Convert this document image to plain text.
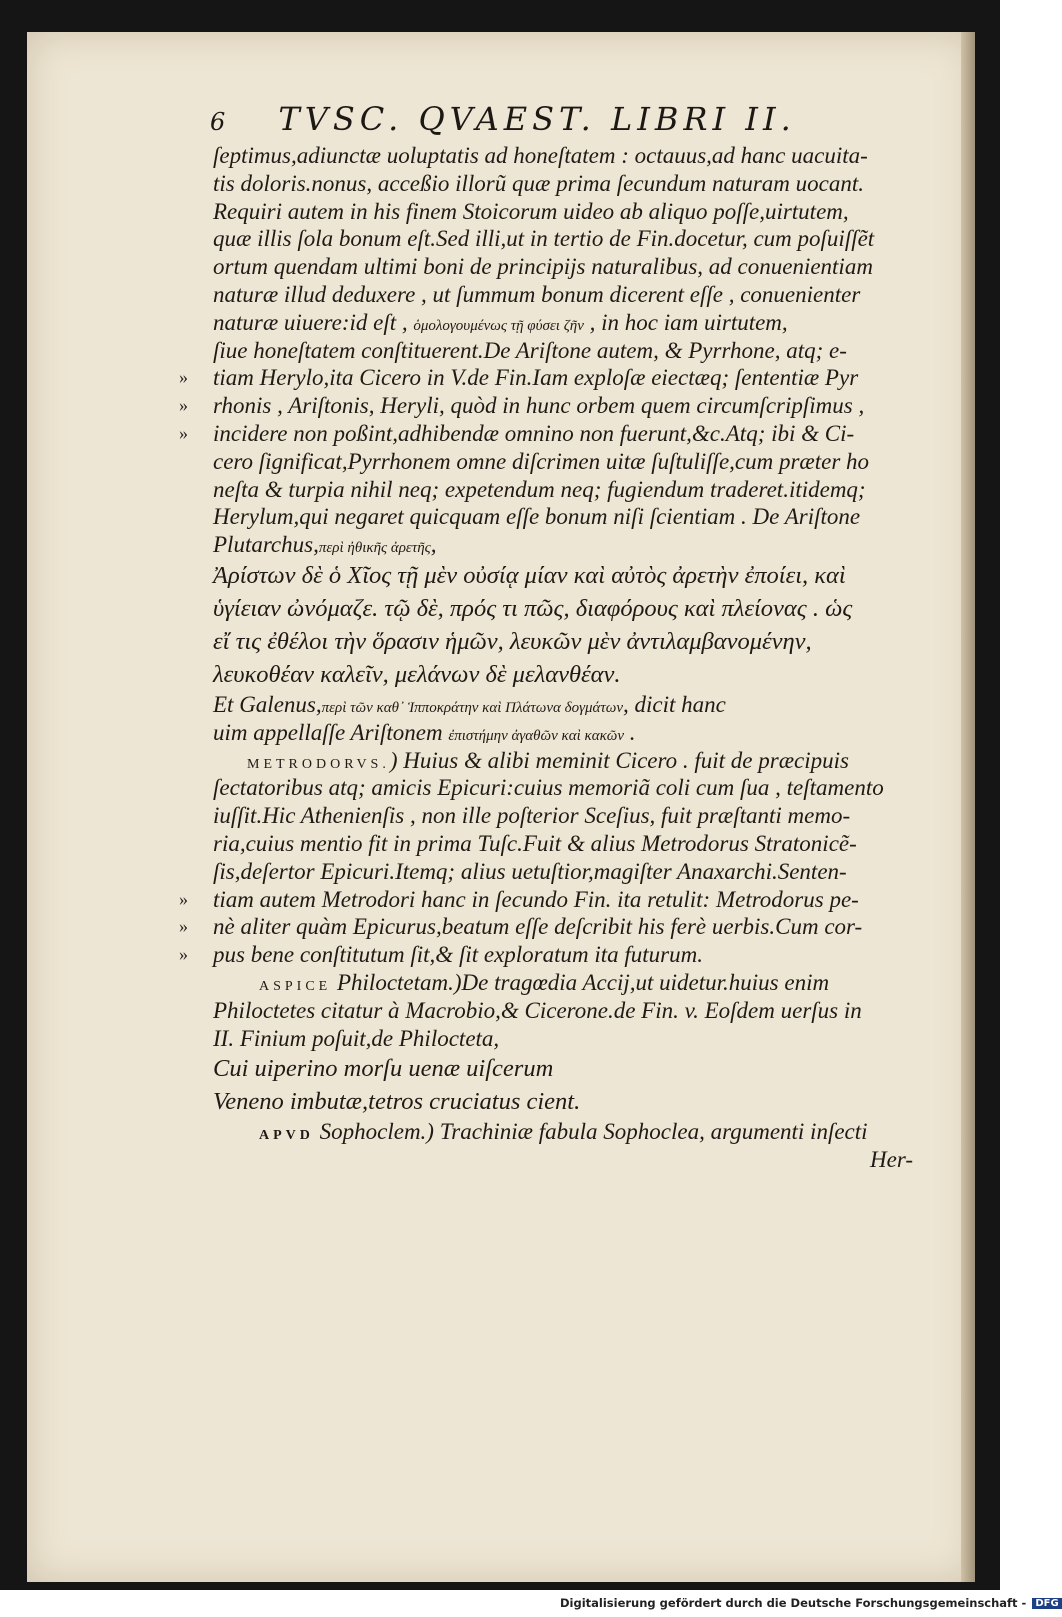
6 TVSC. QVAEST. LIBRI II.
ſeptimus,adiunctæ uoluptatis ad honeſtatem : octauus,ad hanc uacuita-
tis doloris.nonus, acceßio illorũ quæ prima ſecundum naturam uocant.
Requiri autem in his finem Stoicorum uideo ab aliquo poſſe,uirtutem,
quæ illis ſola bonum eſt.Sed illi,ut in tertio de Fin.docetur, cum poſuiſſẽt
ortum quendam ultimi boni de principijs naturalibus, ad conuenientiam
naturæ illud deduxere , ut ſummum bonum dicerent eſſe , conuenienter
naturæ uiuere:id eſt , ὁμολογουμένως τῇ φύσει ζῆν , in hoc iam uirtutem,
ſiue honeſtatem conſtituerent.De Ariſtone autem, & Pyrrhone, atq; e-
» tiam Herylo,ita Cicero in V.de Fin.Iam exploſæ eiectæq; ſententiæ Pyr
» rhonis , Ariſtonis, Heryli, quòd in hunc orbem quem circumſcripſimus ,
» incidere non poßint,adhibendæ omnino non fuerunt,&c.Atq; ibi & Ci-
cero ſignificat,Pyrrhonem omne diſcrimen uitæ ſuſtuliſſe,cum præter ho
neſta & turpia nihil neq; expetendum neq; fugiendum traderet.itidemq;
Herylum,qui negaret quicquam eſſe bonum niſi ſcientiam . De Ariſtone
Plutarchus,περὶ ἠθικῆς ἀρετῆς,
Ἀρίστων δὲ ὁ Χῖος τῇ μὲν οὐσίᾳ μίαν καὶ αὐτὸς ἀρετὴν ἐποίει, καὶ
ὑγίειαν ὠνόμαζε. τῷ δὲ, πρός τι πῶς, διαφόρους καὶ πλείονας . ὡς
εἴ τις ἐθέλοι τὴν ὅρασιν ἡμῶν, λευκῶν μὲν ἀντιλαμβανομένην,
λευκοθέαν καλεῖν, μελάνων δὲ μελανθέαν.
Et Galenus,περὶ τῶν καθ᾽ Ἱπποκράτην καὶ Πλάτωνα δογμάτων, dicit hanc
uim appellaſſe Ariſtonem ἐπιστήμην ἀγαθῶν καὶ κακῶν .
METRODORVS.) Huius & alibi meminit Cicero . fuit de præcipuis
ſectatoribus atq; amicis Epicuri:cuius memoriã coli cum ſua , teſtamento
iuſſit.Hic Athenienſis , non ille poſterior Sceſius, fuit præſtanti memo-
ria,cuius mentio fit in prima Tuſc.Fuit & alius Metrodorus Stratonicẽ-
ſis,deſertor Epicuri.Itemq; alius uetuſtior,magiſter Anaxarchi.Senten-
» tiam autem Metrodori hanc in ſecundo Fin. ita retulit: Metrodorus pe-
» nè aliter quàm Epicurus,beatum eſſe deſcribit his ferè uerbis.Cum cor-
» pus bene conſtitutum ſit,& ſit exploratum ita futurum.
ASPICE Philoctetam.)De tragœdia Accij,ut uidetur.huius enim
Philoctetes citatur à Macrobio,& Cicerone.de Fin. v. Eoſdem uerſus in
II. Finium poſuit,de Philocteta,
Cui uiperino morſu uenæ uiſcerum
Veneno imbutæ,tetros cruciatus cient.
APVD Sophoclem.) Trachiniæ fabula Sophoclea, argumenti inſecti
Her-
Digitalisierung gefördert durch die Deutsche Forschungsgemeinschaft - DFG
